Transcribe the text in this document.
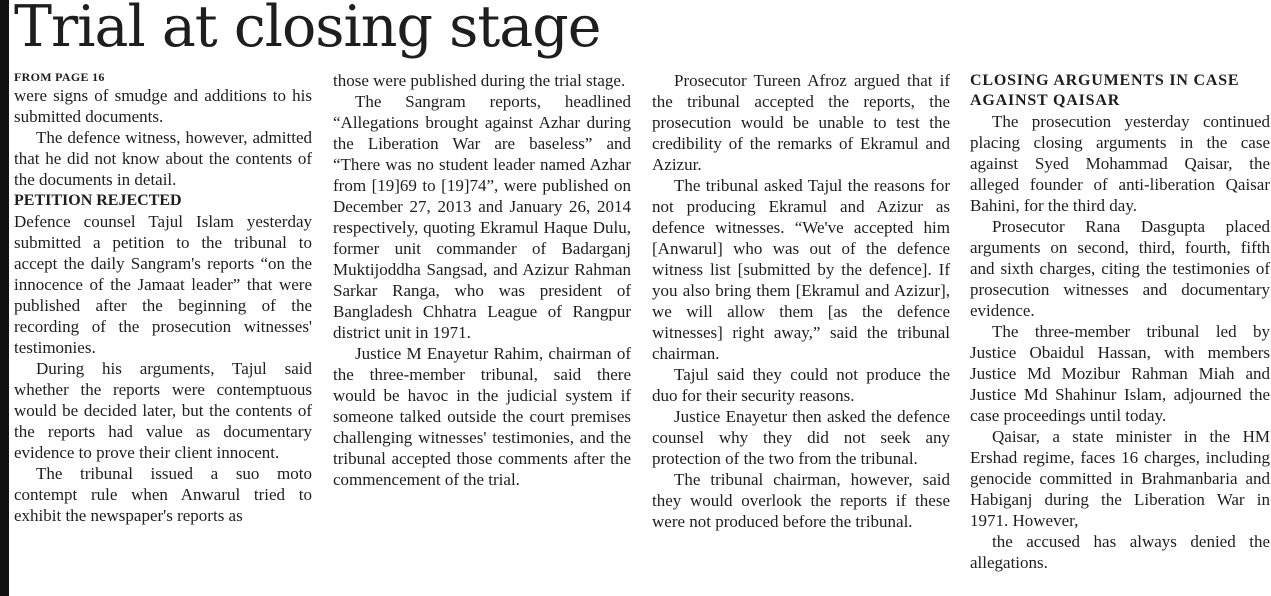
Trial at closing stage

FROM PAGE 16

were signs of smudge and additions to his submitted documents.

The defence witness, however, admitted that he did not know about the contents of the documents in detail.

PETITION REJECTED

Defence counsel Tajul Islam yesterday submitted a petition to the tribunal to accept the daily Sangram's reports “on the innocence of the Jamaat leader” that were published after the beginning of the recording of the prosecution witnesses' testimonies.

During his arguments, Tajul said whether the reports were contemptuous would be decided later, but the contents of the reports had value as documentary evidence to prove their client innocent.

The tribunal issued a suo moto contempt rule when Anwarul tried to exhibit the newspaper's reports as

those were published during the trial stage.

The Sangram reports, headlined “Allegations brought against Azhar during the Liberation War are baseless” and “There was no student leader named Azhar from [19]69 to [19]74”, were published on December 27, 2013 and January 26, 2014 respectively, quoting Ekramul Haque Dulu, former unit commander of Badarganj Muktijoddha Sangsad, and Azizur Rahman Sarkar Ranga, who was president of Bangladesh Chhatra League of Rangpur district unit in 1971.

Justice M Enayetur Rahim, chairman of the three-member tribunal, said there would be havoc in the judicial system if someone talked outside the court premises challenging witnesses' testimonies, and the tribunal accepted those comments after the commencement of the trial.

Prosecutor Tureen Afroz argued that if the tribunal accepted the reports, the prosecution would be unable to test the credibility of the remarks of Ekramul and Azizur.

The tribunal asked Tajul the reasons for not producing Ekramul and Azizur as defence witnesses. “We've accepted him [Anwarul] who was out of the defence witness list [submitted by the defence]. If you also bring them [Ekramul and Azizur], we will allow them [as the defence witnesses] right away,” said the tribunal chairman.

Tajul said they could not produce the duo for their security reasons.

Justice Enayetur then asked the defence counsel why they did not seek any protection of the two from the tribunal.

The tribunal chairman, however, said they would overlook the reports if these were not produced before the tribunal.

CLOSING ARGUMENTS IN CASE AGAINST QAISAR

The prosecution yesterday continued placing closing arguments in the case against Syed Mohammad Qaisar, the alleged founder of anti-liberation Qaisar Bahini, for the third day.

Prosecutor Rana Dasgupta placed arguments on second, third, fourth, fifth and sixth charges, citing the testimonies of prosecution witnesses and documentary evidence.

The three-member tribunal led by Justice Obaidul Hassan, with members Justice Md Mozibur Rahman Miah and Justice Md Shahinur Islam, adjourned the case proceedings until today.

Qaisar, a state minister in the HM Ershad regime, faces 16 charges, including genocide committed in Brahmanbaria and Habiganj during the Liberation War in 1971. However,

the accused has always denied the allegations.
